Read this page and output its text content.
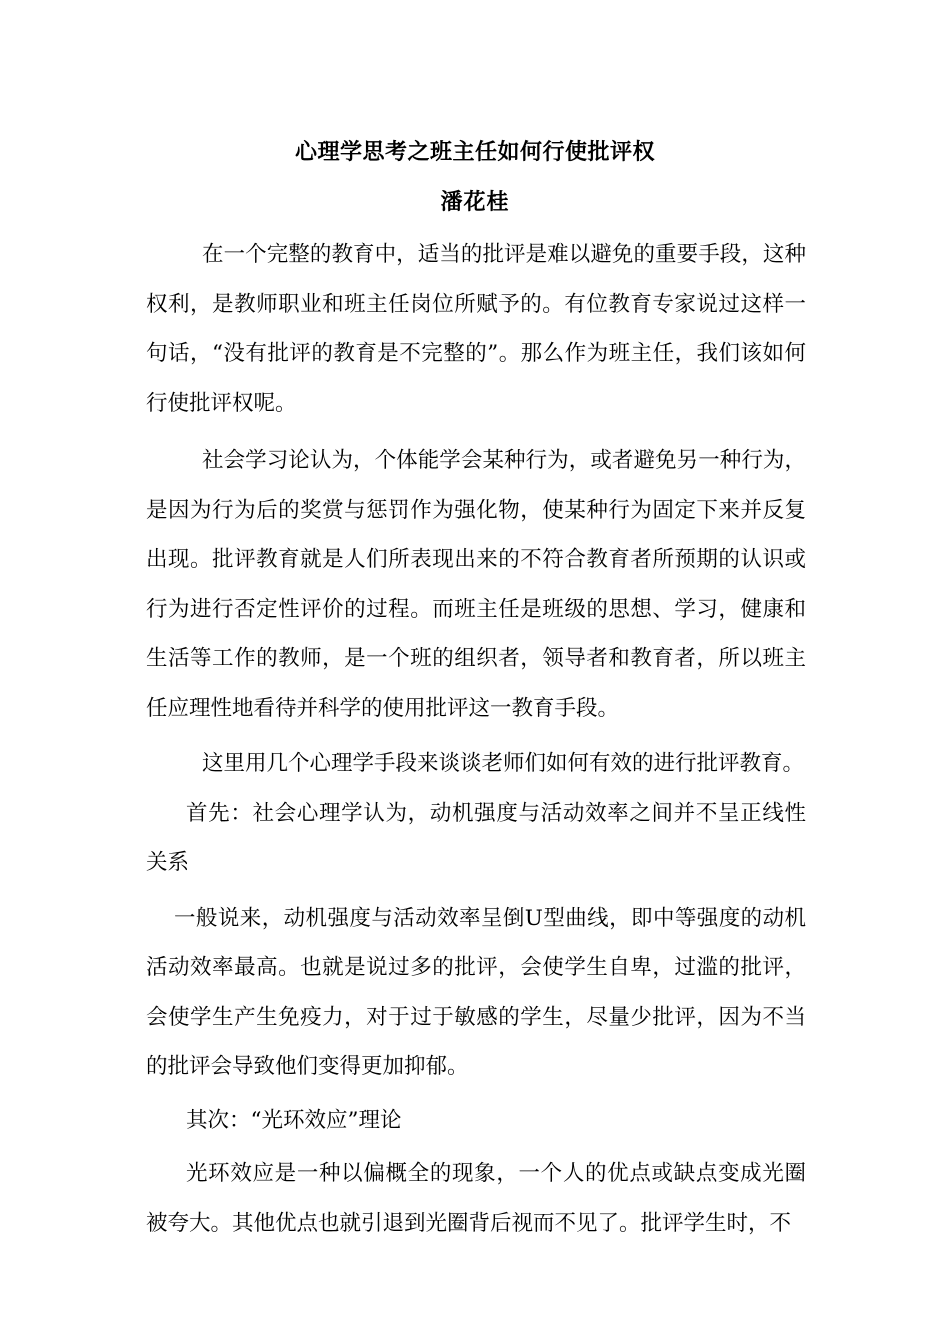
心理学思考之班主任如何行使批评权
潘花桂

在一个完整的教育中，适当的批评是难以避免的重要手段，这种权利，是教师职业和班主任岗位所赋予的。有位教育专家说过这样一句话，“没有批评的教育是不完整的”。那么作为班主任，我们该如何行使批评权呢。

社会学习论认为，个体能学会某种行为，或者避免另一种行为，是因为行为后的奖赏与惩罚作为强化物，使某种行为固定下来并反复出现。批评教育就是人们所表现出来的不符合教育者所预期的认识或行为进行否定性评价的过程。而班主任是班级的思想、学习，健康和生活等工作的教师，是一个班的组织者，领导者和教育者，所以班主任应理性地看待并科学的使用批评这一教育手段。

这里用几个心理学手段来谈谈老师们如何有效的进行批评教育。

首先：社会心理学认为，动机强度与活动效率之间并不呈正线性关系

一般说来，动机强度与活动效率呈倒U型曲线，即中等强度的动机活动效率最高。也就是说过多的批评，会使学生自卑，过滥的批评，会使学生产生免疫力，对于过于敏感的学生，尽量少批评，因为不当的批评会导致他们变得更加抑郁。

其次：“光环效应”理论

光环效应是一种以偏概全的现象，一个人的优点或缺点变成光圈被夸大。其他优点也就引退到光圈背后视而不见了。批评学生时，不
